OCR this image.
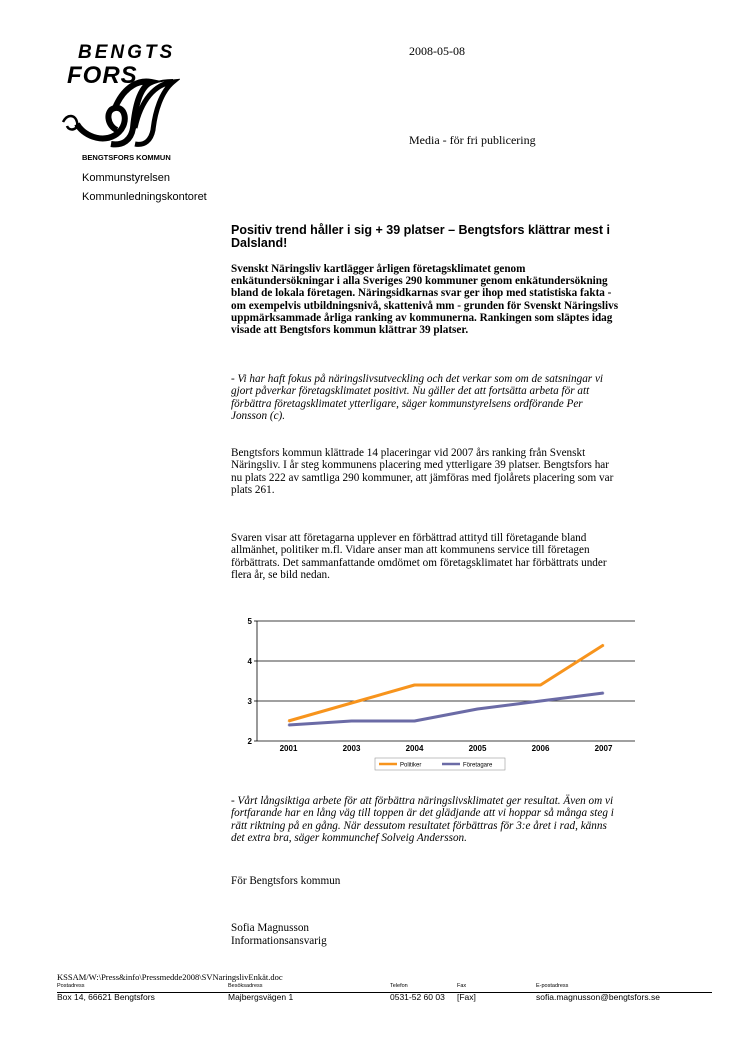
BENGTS
FORS
BENGTSFORS KOMMUN
Kommunstyrelsen
Kommunledningskontoret
2008-05-08
Media - för fri publicering
Positiv trend håller i sig + 39 platser – Bengtsfors klättrar mest i
Dalsland!
Svenskt Näringsliv kartlägger årligen företagsklimatet genom
enkätundersökningar i alla Sveriges 290 kommuner genom enkätundersökning
bland de lokala företagen. Näringsidkarnas svar ger ihop med statistiska fakta -
om exempelvis utbildningsnivå, skattenivå mm - grunden för Svenskt Näringslivs
uppmärksammade årliga ranking av kommunerna. Rankingen som släptes idag
visade att Bengtsfors kommun klättrar 39 platser.
- Vi har haft fokus på näringslivsutveckling och det verkar som om de satsningar vi
gjort påverkar företagsklimatet positivt. Nu gäller det att fortsätta arbeta för att
förbättra företagsklimatet ytterligare, säger kommunstyrelsens ordförande Per
Jonsson (c).
Bengtsfors kommun klättrade 14 placeringar vid 2007 års ranking från Svenskt
Näringsliv. I år steg kommunens placering med ytterligare 39 platser. Bengtsfors har
nu plats 222 av samtliga 290 kommuner, att jämföras med fjolårets placering som var
plats 261.
Svaren visar att företagarna upplever en förbättrad attityd till företagande bland
allmänhet, politiker m.fl. Vidare anser man att kommunens service till företagen
förbättrats. Det sammanfattande omdömet om företagsklimatet har förbättrats under
flera år, se bild nedan.
2
3
4
5
2001	2003	2004	2005	2006	2007
Politiker	Företagare
- Vårt långsiktiga arbete för att förbättra näringslivsklimatet ger resultat. Även om vi
fortfarande har en lång väg till toppen är det glädjande att vi hoppar så många steg i
rätt riktning på en gång. När dessutom resultatet förbättras för 3:e året i rad, känns
det extra bra, säger kommunchef Solveig Andersson.
För Bengtsfors kommun
Sofia Magnusson
Informationsansvarig
KSSAM/W:\Press&info\Pressmedde2008\SVNaringslivEnkät.doc
Postadress
Box 14, 66621 Bengtsfors
Besöksadress
Majbergsvägen 1
Telefon
0531-52 60 03
Fax
[Fax]
E-postadress
sofia.magnusson@bengtsfors.se
